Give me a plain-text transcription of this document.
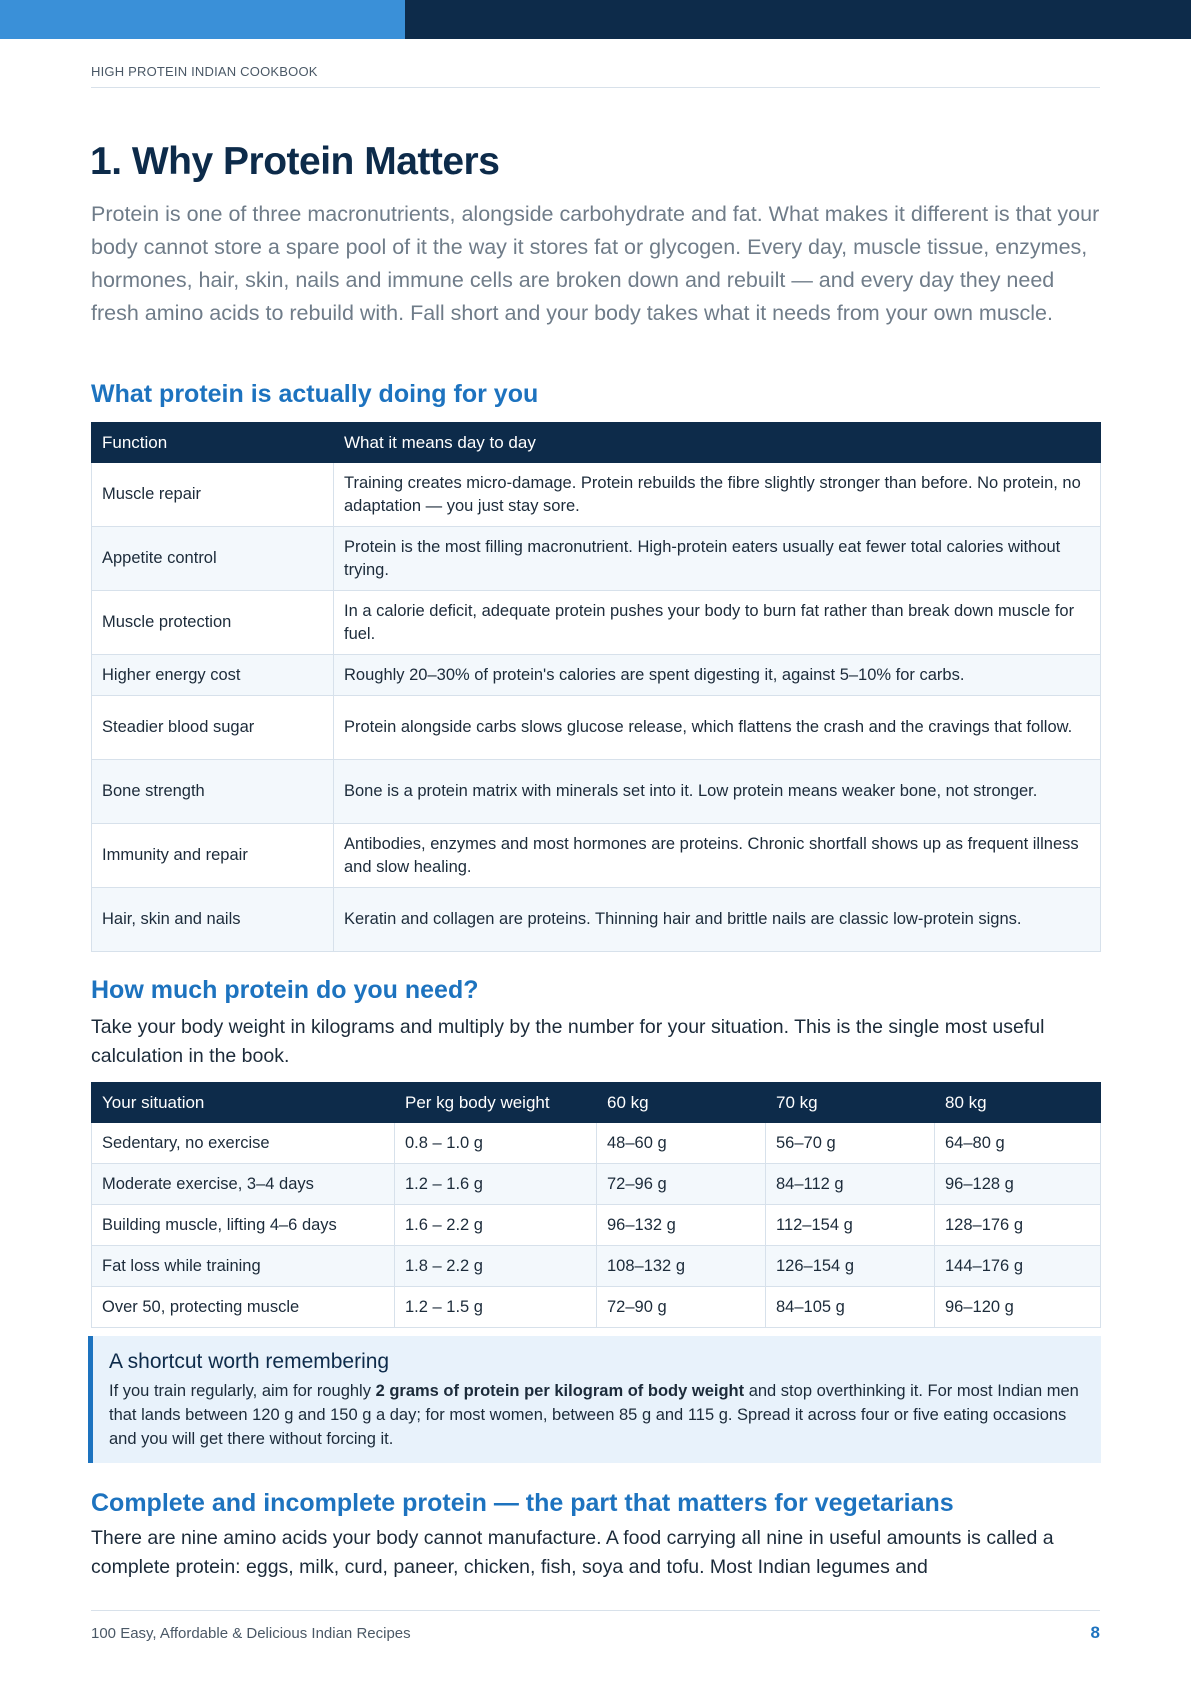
HIGH PROTEIN INDIAN COOKBOOK
1. Why Protein Matters

Protein is one of three macronutrients, alongside carbohydrate and fat. What makes it different is that your body cannot store a spare pool of it the way it stores fat or glycogen. Every day, muscle tissue, enzymes, hormones, hair, skin, nails and immune cells are broken down and rebuilt — and every day they need fresh amino acids to rebuild with. Fall short and your body takes what it needs from your own muscle.

What protein is actually doing for you
Function	What it means day to day
Muscle repair	Training creates micro-damage. Protein rebuilds the fibre slightly stronger than before. No protein, no adaptation — you just stay sore.
Appetite control	Protein is the most filling macronutrient. High-protein eaters usually eat fewer total calories without trying.
Muscle protection	In a calorie deficit, adequate protein pushes your body to burn fat rather than break down muscle for fuel.
Higher energy cost	Roughly 20–30% of protein's calories are spent digesting it, against 5–10% for carbs.
Steadier blood sugar	Protein alongside carbs slows glucose release, which flattens the crash and the cravings that follow.
Bone strength	Bone is a protein matrix with minerals set into it. Low protein means weaker bone, not stronger.
Immunity and repair	Antibodies, enzymes and most hormones are proteins. Chronic shortfall shows up as frequent illness and slow healing.
Hair, skin and nails	Keratin and collagen are proteins. Thinning hair and brittle nails are classic low-protein signs.
How much protein do you need?

Take your body weight in kilograms and multiply by the number for your situation. This is the single most useful calculation in the book.

Your situation	Per kg body weight	60 kg	70 kg	80 kg
Sedentary, no exercise	0.8 – 1.0 g	48–60 g	56–70 g	64–80 g
Moderate exercise, 3–4 days	1.2 – 1.6 g	72–96 g	84–112 g	96–128 g
Building muscle, lifting 4–6 days	1.6 – 2.2 g	96–132 g	112–154 g	128–176 g
Fat loss while training	1.8 – 2.2 g	108–132 g	126–154 g	144–176 g
Over 50, protecting muscle	1.2 – 1.5 g	72–90 g	84–105 g	96–120 g
A shortcut worth remembering

If you train regularly, aim for roughly 2 grams of protein per kilogram of body weight and stop overthinking it. For most Indian men that lands between 120 g and 150 g a day; for most women, between 85 g and 115 g. Spread it across four or five eating occasions and you will get there without forcing it.

Complete and incomplete protein — the part that matters for vegetarians

There are nine amino acids your body cannot manufacture. A food carrying all nine in useful amounts is called a complete protein: eggs, milk, curd, paneer, chicken, fish, soya and tofu. Most Indian legumes and

100 Easy, Affordable & Delicious Indian Recipes	8
